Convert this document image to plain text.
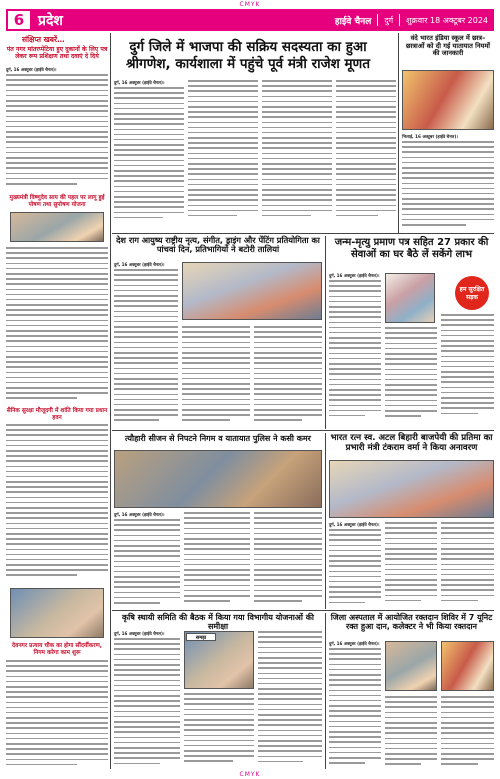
CMYK
6 प्रदेश	हाईवे चैनल दुर्ग शुक्रवार 18 अक्टूबर 2024
संक्षिप्त खबरें…
पंत नगर मांतरप्पेटिया हुए दुकानों के लिए पत्र लेकर रूप प्रशिक्षण तथा दवाएं दे दिये
दुर्ग, 16 अक्टूबर (हाईवे चैनल)।
मुख्यमंत्री विष्णुदेव साय की पहल पर लागू हुई पोषण तथा सुपोषण योजना
सैनिक सुरक्षा मौजूदगी में शांति किया गया प्रधान हवन
देवनगर प्रत्याय चौक का होगा सौंदर्यीकरण, निगम करेगा काम शुरू
दुर्ग जिले में भाजपा की सक्रिय सदस्यता का हुआ
श्रीगणेश, कार्यशाला में पहुंचे पूर्व मंत्री राजेश मूणत
दुर्ग, 16 अक्टूबर (हाईवे चैनल)।
वंदे भारत इंडिया स्कूल में छात्र–छात्राओं को दी गई यातायात नियमों की जानकारी
भिलाई, 16 अक्टूबर (हाईवे चैनल)।
देश राग आयुष्य राष्ट्रीय नृत्य, संगीत, ड्राइंग और पेंटिंग प्रतियोगिता का पांचवां दिन, प्रतिभागियों ने बटोरी तालियां
दुर्ग, 16 अक्टूबर (हाईवे चैनल)।
जन्म-मृत्यु प्रमाण पत्र सहित 27 प्रकार की सेवाओं का घर बैठे लें सकेंगे लाभ
दुर्ग, 16 अक्टूबर (हाईवे चैनल)।
हम सुरक्षित सड़क
त्यौहारी सीजन से निपटने निगम व यातायात पुलिस ने कसी कमर
दुर्ग, 16 अक्टूबर (हाईवे चैनल)।
भारत रत्न स्व. अटल बिहारी बाजपेयी की प्रतिमा का प्रभारी मंत्री टंकराम वर्मा ने किया अनावरण
दुर्ग, 16 अक्टूबर (हाईवे चैनल)।
कृषि स्थायी समिति की बैठक में किया गया विभागीय योजनाओं की समीक्षा
दुर्ग, 16 अक्टूबर (हाईवे चैनल)।
समझ
जिला अस्पताल में आयोजित रक्तदान शिविर में 7 यूनिट रक्त हुआ दान, कलेक्टर ने भी किया रक्तदान
दुर्ग, 16 अक्टूबर (हाईवे चैनल)।
CMYK
